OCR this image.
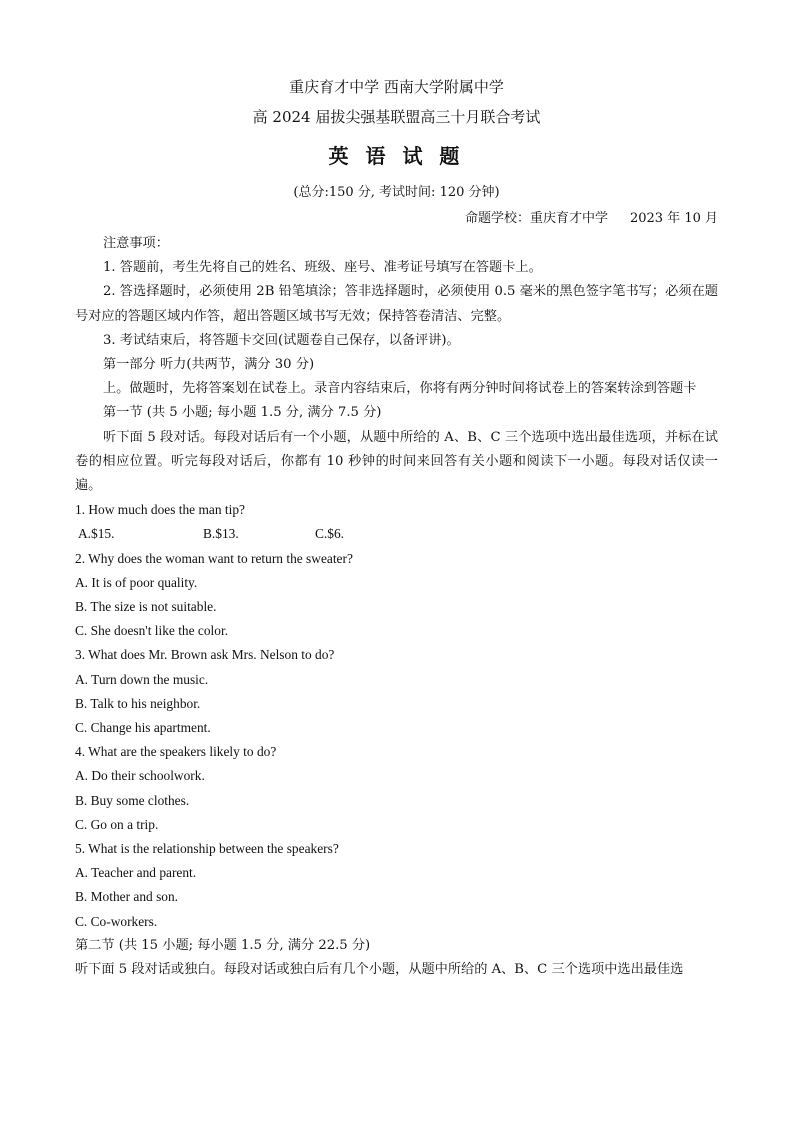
重庆育才中学 西南大学附属中学
高 2024 届拔尖强基联盟高三十月联合考试
英 语 试 题
(总分:150 分, 考试时间: 120 分钟)
命题学校：重庆育才中学 2023 年 10 月

注意事项：

1. 答题前，考生先将自己的姓名、班级、座号、准考证号填写在答题卡上。

2. 答选择题时，必须使用 2B 铅笔填涂；答非选择题时，必须使用 0.5 毫米的黑色签字笔书写；必须在题号对应的答题区域内作答，超出答题区域书写无效；保持答卷清洁、完整。

3. 考试结束后，将答题卡交回(试题卷自己保存，以备评讲)。

第一部分 听力(共两节，满分 30 分)

上。做题时，先将答案划在试卷上。录音内容结束后，你将有两分钟时间将试卷上的答案转涂到答题卡

第一节 (共 5 小题; 每小题 1.5 分, 满分 7.5 分)

听下面 5 段对话。每段对话后有一个小题，从题中所给的 A、B、C 三个选项中选出最佳选项，并标在试卷的相应位置。听完每段对话后，你都有 10 秒钟的时间来回答有关小题和阅读下一小题。每段对话仅读一遍。

1. How much does the man tip?

A.$15.	B.$13.	C.$6.

2. Why does the woman want to return the sweater?

A. It is of poor quality.

B. The size is not suitable.

C. She doesn't like the color.

3. What does Mr. Brown ask Mrs. Nelson to do?

A. Turn down the music.

B. Talk to his neighbor.

C. Change his apartment.

4. What are the speakers likely to do?

A. Do their schoolwork.

B. Buy some clothes.

C. Go on a trip.

5. What is the relationship between the speakers?

A. Teacher and parent.

B. Mother and son.

C. Co-workers.

第二节 (共 15 小题; 每小题 1.5 分, 满分 22.5 分)

听下面 5 段对话或独白。每段对话或独白后有几个小题，从题中所给的 A、B、C 三个选项中选出最佳选
